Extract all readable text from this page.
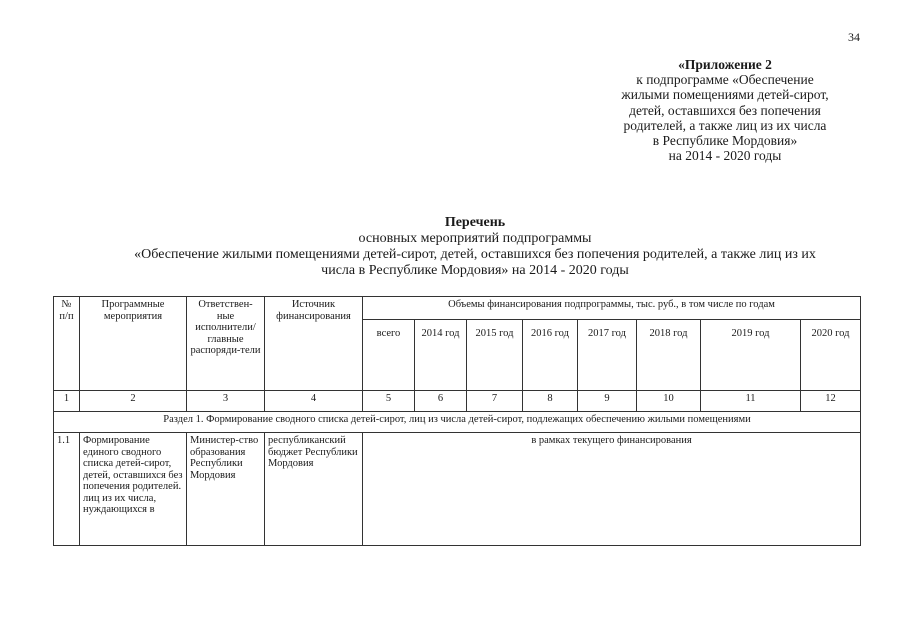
34
«Приложение 2
к подпрограмме «Обеспечение
жилыми помещениями детей-сирот,
детей, оставшихся без попечения
родителей, а также лиц из их числа
в Республике Мордовия»
на 2014 - 2020 годы
Перечень
основных мероприятий подпрограммы
«Обеспечение жилыми помещениями детей-сирот, детей, оставшихся без попечения родителей, а также лиц из их
числа в Республике Мордовия» на 2014 - 2020 годы
№ п/п	Программные мероприятия	Ответствен-ные исполнители/ главные распоряди-тели	Источник финансирования	Объемы финансирования подпрограммы, тыс. руб., в том числе по годам							
				всего	2014 год	2015 год	2016 год	2017 год	2018 год	2019 год	2020 год
1	2	3	4	5	6	7	8	9	10	11	12
Раздел 1. Формирование сводного списка детей-сирот, лиц из числа детей-сирот, подлежащих обеспечению жилыми помещениями											
1.1	Формирование единого сводного списка детей-сирот, детей, оставшихся без попечения родителей. лиц из их числа, нуждающихся в	Министер-ство образования Республики Мордовия	республиканский бюджет Республики Мордовия	в рамках текущего финансирования							
